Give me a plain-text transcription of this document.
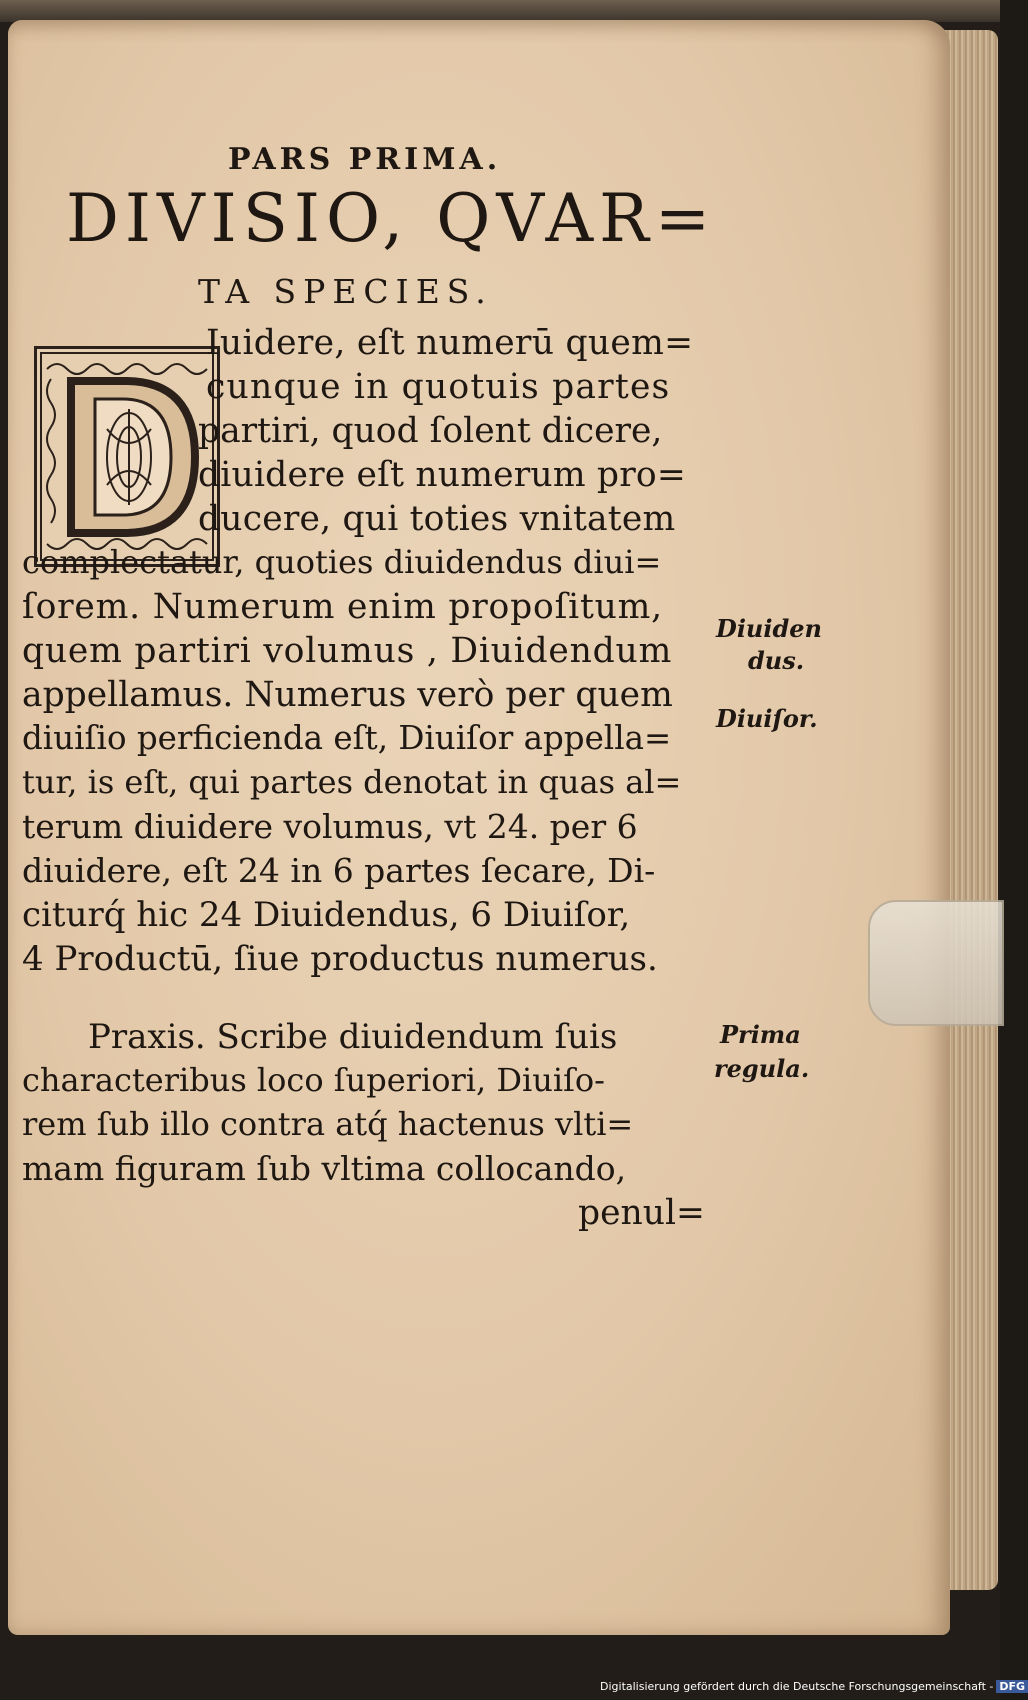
PARS PRIMA.
DIVISIO, QVAR=
TA SPECIES.
Iuidere, eſt numerū quem=
cunque in quotuis partes
partiri, quod ſolent dicere,
diuidere eſt numerum pro=
ducere, qui toties vnitatem
complectatur, quoties diuidendus diui=
ſorem. Numerum enim propoſitum,
quem partiri volumus , Diuidendum
appellamus. Numerus verò per quem
diuiſio perficienda eſt, Diuiſor appella=
tur, is eſt, qui partes denotat in quas al=
terum diuidere volumus, vt 24. per 6
diuidere, eſt 24 in 6 partes ſecare, Di-
citurq́ hic 24 Diuidendus, 6 Diuiſor,
4 Productū, ſiue productus numerus.
Praxis. Scribe diuidendum ſuis
characteribus loco ſuperiori, Diuiſo-
rem ſub illo contra atq́ hactenus vlti=
mam figuram ſub vltima collocando,
penul=
Diuiden
dus.
Diuiſor.
Prima
regula.
Digitalisierung gefördert durch die Deutsche Forschungsgemeinschaft - DFG
